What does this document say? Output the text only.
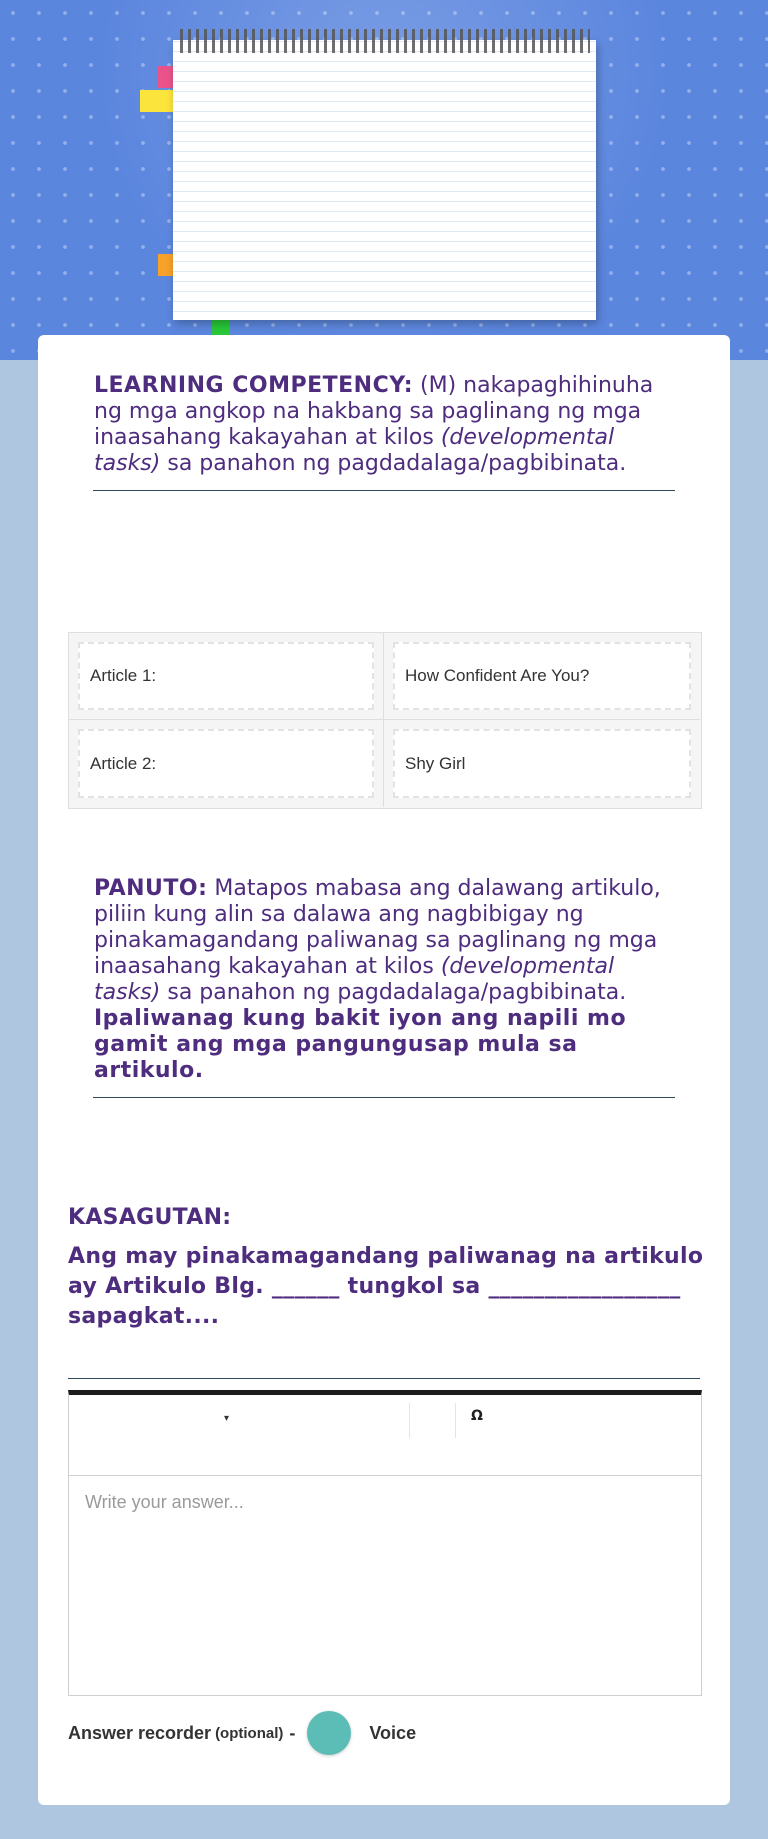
LEARNING COMPETENCY: (M) nakapaghihinuha ng mga angkop na hakbang sa paglinang ng mga inaasahang kakayahan at kilos (developmental tasks) sa panahon ng pagdadalaga/pagbibinata.
Article 1:	How Confident Are You?
Article 2:	Shy Girl
PANUTO: Matapos mabasa ang dalawang artikulo, piliin kung alin sa dalawa ang nagbibigay ng pinakamagandang paliwanag sa paglinang ng mga inaasahang kakayahan at kilos (developmental tasks) sa panahon ng pagdadalaga/pagbibinata.
Ipaliwanag kung bakit iyon ang napili mo gamit ang mga pangungusap mula sa artikulo.
KASAGUTAN:
Ang may pinakamagandang paliwanag na artikulo ay Artikulo Blg. ______ tungkol sa _________________ sapagkat....
▾	Ω
Write your answer...
Answer recorder (optional) -	Voice
